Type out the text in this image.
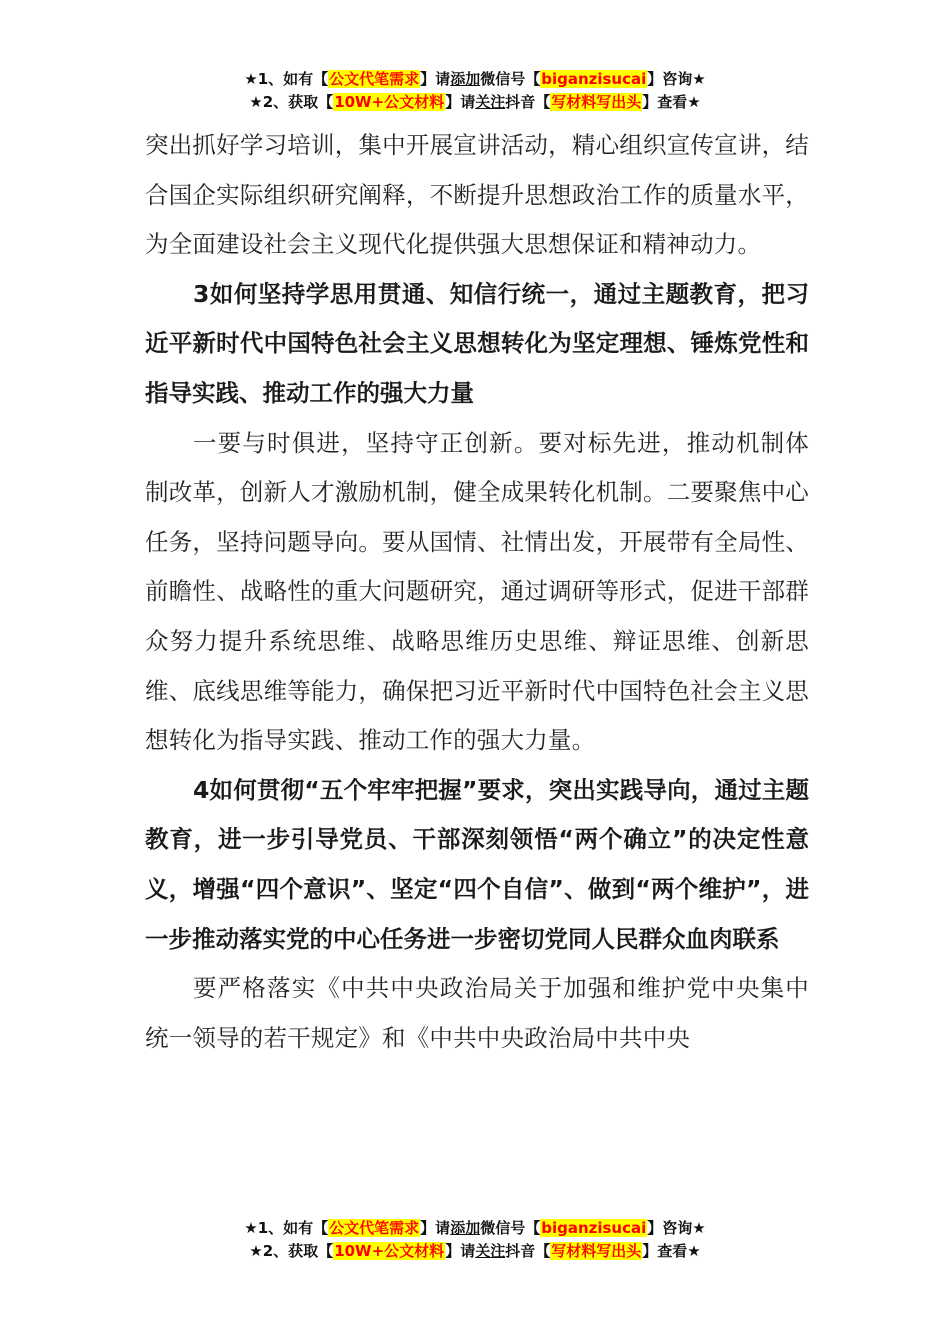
★1、如有【公文代笔需求】请添加微信号【biganzisucai】咨询★
★2、获取【10W+公文材料】请关注抖音【写材料写出头】查看★

突出抓好学习培训，集中开展宣讲活动，精心组织宣传宣讲，结合国企实际组织研究阐释，不断提升思想政治工作的质量水平，为全面建设社会主义现代化提供强大思想保证和精神动力。

3如何坚持学思用贯通、知信行统一，通过主题教育，把习近平新时代中国特色社会主义思想转化为坚定理想、锤炼党性和指导实践、推动工作的强大力量

一要与时俱进，坚持守正创新。要对标先进，推动机制体制改革，创新人才激励机制，健全成果转化机制。二要聚焦中心任务，坚持问题导向。要从国情、社情出发，开展带有全局性、前瞻性、战略性的重大问题研究，通过调研等形式，促进干部群众努力提升系统思维、战略思维历史思维、辩证思维、创新思维、底线思维等能力，确保把习近平新时代中国特色社会主义思想转化为指导实践、推动工作的强大力量。

4如何贯彻“五个牢牢把握”要求，突出实践导向，通过主题教育，进一步引导党员、干部深刻领悟“两个确立”的决定性意义，增强“四个意识”、坚定“四个自信”、做到“两个维护”，进一步推动落实党的中心任务进一步密切党同人民群众血肉联系

要严格落实《中共中央政治局关于加强和维护党中央集中统一领导的若干规定》和《中共中央政治局中共中央

★1、如有【公文代笔需求】请添加微信号【biganzisucai】咨询★
★2、获取【10W+公文材料】请关注抖音【写材料写出头】查看★
